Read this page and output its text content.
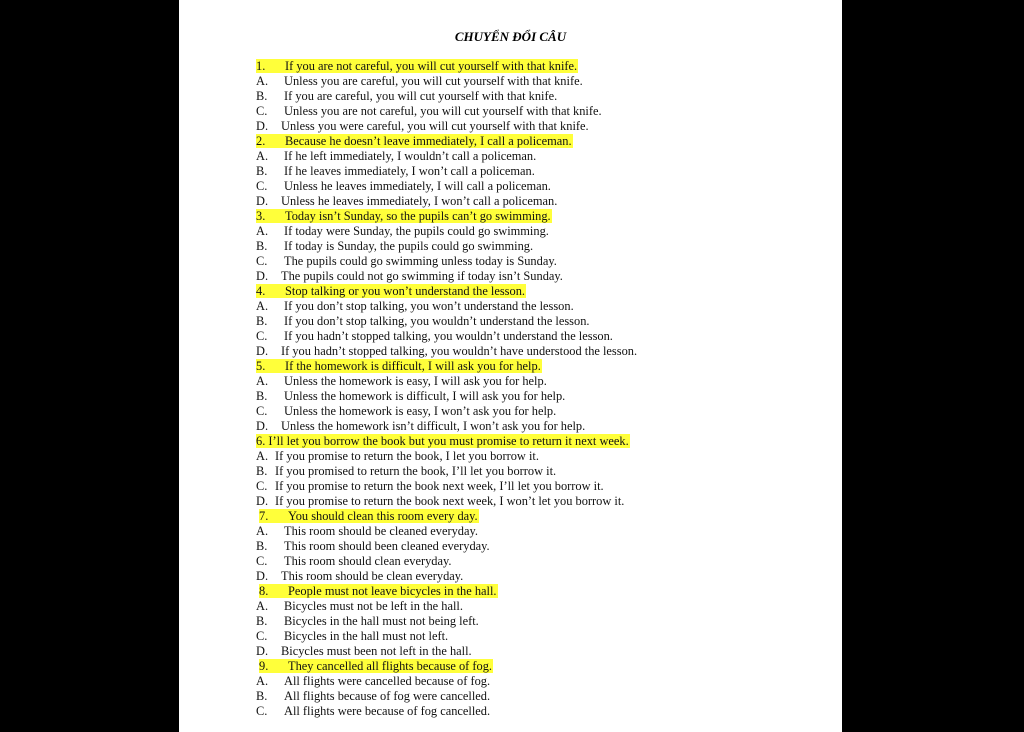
CHUYỂN ĐỔI CÂU
1. If you are not careful, you will cut yourself with that knife.
A. Unless you are careful, you will cut yourself with that knife.
B. If you are careful, you will cut yourself with that knife.
C. Unless you are not careful, you will cut yourself with that knife.
D. Unless you were careful, you will cut yourself with that knife.
2. Because he doesn’t leave immediately, I call a policeman.
A. If he left immediately, I wouldn’t call a policeman.
B. If he leaves immediately, I won’t call a policeman.
C. Unless he leaves immediately, I will call a policeman.
D. Unless he leaves immediately, I won’t call a policeman.
3. Today isn’t Sunday, so the pupils can’t go swimming.
A. If today were Sunday, the pupils could go swimming.
B. If today is Sunday, the pupils could go swimming.
C. The pupils could go swimming unless today is Sunday.
D. The pupils could not go swimming if today isn’t Sunday.
4. Stop talking or you won’t understand the lesson.
A. If you don’t stop talking, you won’t understand the lesson.
B. If you don’t stop talking, you wouldn’t understand the lesson.
C. If you hadn’t stopped talking, you wouldn’t understand the lesson.
D. If you hadn’t stopped talking, you wouldn’t have understood the lesson.
5. If the homework is difficult, I will ask you for help.
A. Unless the homework is easy, I will ask you for help.
B. Unless the homework is difficult, I will ask you for help.
C. Unless the homework is easy, I won’t ask you for help.
D. Unless the homework isn’t difficult, I won’t ask you for help.
6. I’ll let you borrow the book but you must promise to return it next week.
A. If you promise to return the book, I let you borrow it.
B. If you promised to return the book, I’ll let you borrow it.
C. If you promise to return the book next week, I’ll let you borrow it.
D. If you promise to return the book next week, I won’t let you borrow it.
7. You should clean this room every day.
A. This room should be cleaned everyday.
B. This room should been cleaned everyday.
C. This room should clean everyday.
D. This room should be clean everyday.
8. People must not leave bicycles in the hall.
A. Bicycles must not be left in the hall.
B. Bicycles in the hall must not being left.
C. Bicycles in the hall must not left.
D. Bicycles must been not left in the hall.
9. They cancelled all flights because of fog.
A. All flights were cancelled because of fog.
B. All flights because of fog were cancelled.
C. All flights were because of fog cancelled.
